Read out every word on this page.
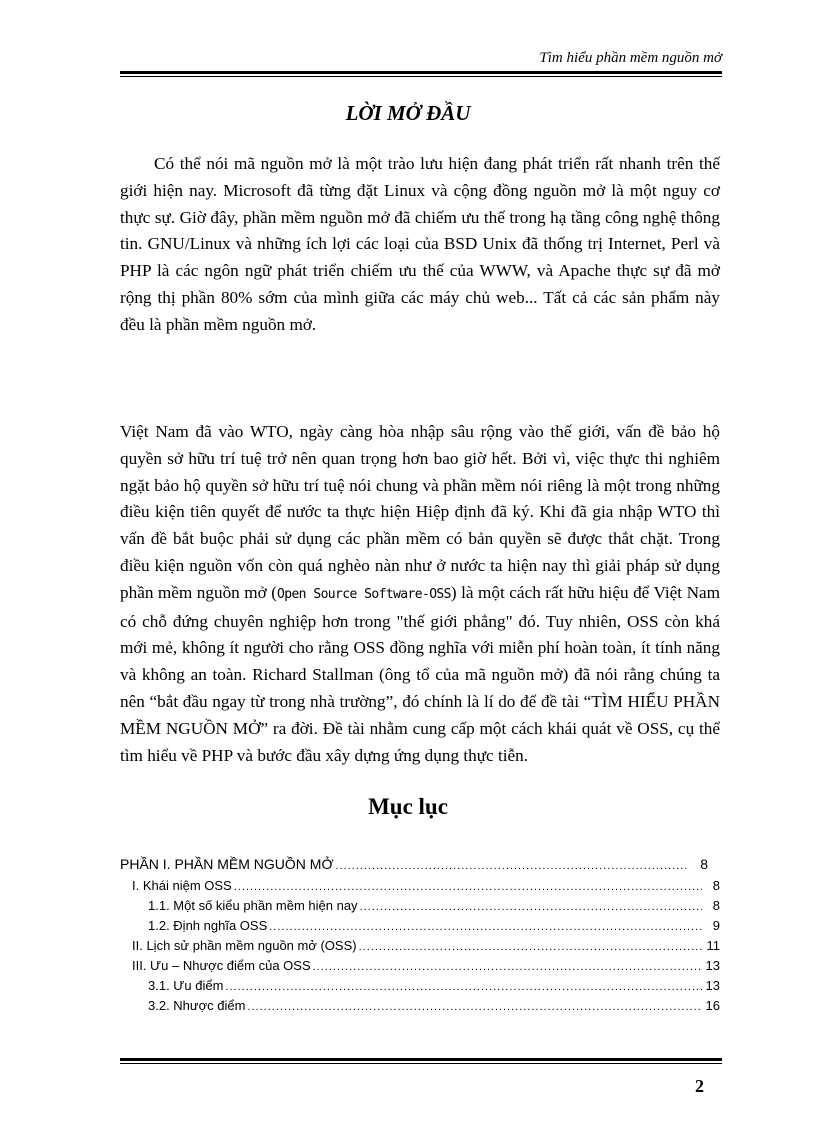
Tìm hiểu phần mềm nguồn mở
LỜI MỞ ĐẦU

Có thể nói mã nguồn mở là một trào lưu hiện đang phát triển rất nhanh trên thế giới hiện nay. Microsoft đã từng đặt Linux và cộng đồng nguồn mở là một nguy cơ thực sự. Giờ đây, phần mềm nguồn mở đã chiếm ưu thế trong hạ tầng công nghệ thông tin. GNU/Linux và những ích lợi các loại của BSD Unix đã thống trị Internet, Perl và PHP là các ngôn ngữ phát triển chiếm ưu thế của WWW, và Apache thực sự đã mở rộng thị phần 80% sớm của mình giữa các máy chủ web... Tất cả các sản phẩm này đều là phần mềm nguồn mở.

Việt Nam đã vào WTO, ngày càng hòa nhập sâu rộng vào thế giới, vấn đề bảo hộ quyền sở hữu trí tuệ trở nên quan trọng hơn bao giờ hết. Bởi vì, việc thực thi nghiêm ngặt bảo hộ quyền sở hữu trí tuệ nói chung và phần mềm nói riêng là một trong những điều kiện tiên quyết để nước ta thực hiện Hiệp định đã ký. Khi đã gia nhập WTO thì vấn đề bắt buộc phải sử dụng các phần mềm có bản quyền sẽ được thắt chặt. Trong điều kiện nguồn vốn còn quá nghèo nàn như ở nước ta hiện nay thì giải pháp sử dụng phần mềm nguồn mở (Open Source Software-OSS) là một cách rất hữu hiệu để Việt Nam có chỗ đứng chuyên nghiệp hơn trong "thế giới phẳng" đó. Tuy nhiên, OSS còn khá mới mẻ, không ít người cho rằng OSS đồng nghĩa với miễn phí hoàn toàn, ít tính năng và không an toàn. Richard Stallman (ông tổ của mã nguồn mở) đã nói rằng chúng ta nên “bắt đầu ngay từ trong nhà trường”, đó chính là lí do để đề tài “TÌM HIỂU PHẦN MỀM NGUỒN MỞ” ra đời. Đề tài nhằm cung cấp một cách khái quát về OSS, cụ thể tìm hiểu về PHP và bước đầu xây dựng ứng dụng thực tiễn.

Mục lục
PHẦN I. PHẦN MỀM NGUỒN MỞ .....	8
I. Khái niệm OSS .....	8
1.1. Một số kiểu phần mềm hiện nay .....	8
1.2. Định nghĩa OSS .....	9
II. Lịch sử phần mềm nguồn mở (OSS) .....	11
III. Ưu – Nhược điểm của OSS .....	13
3.1. Ưu điểm .....	13
3.2. Nhược điểm .....	16
2
